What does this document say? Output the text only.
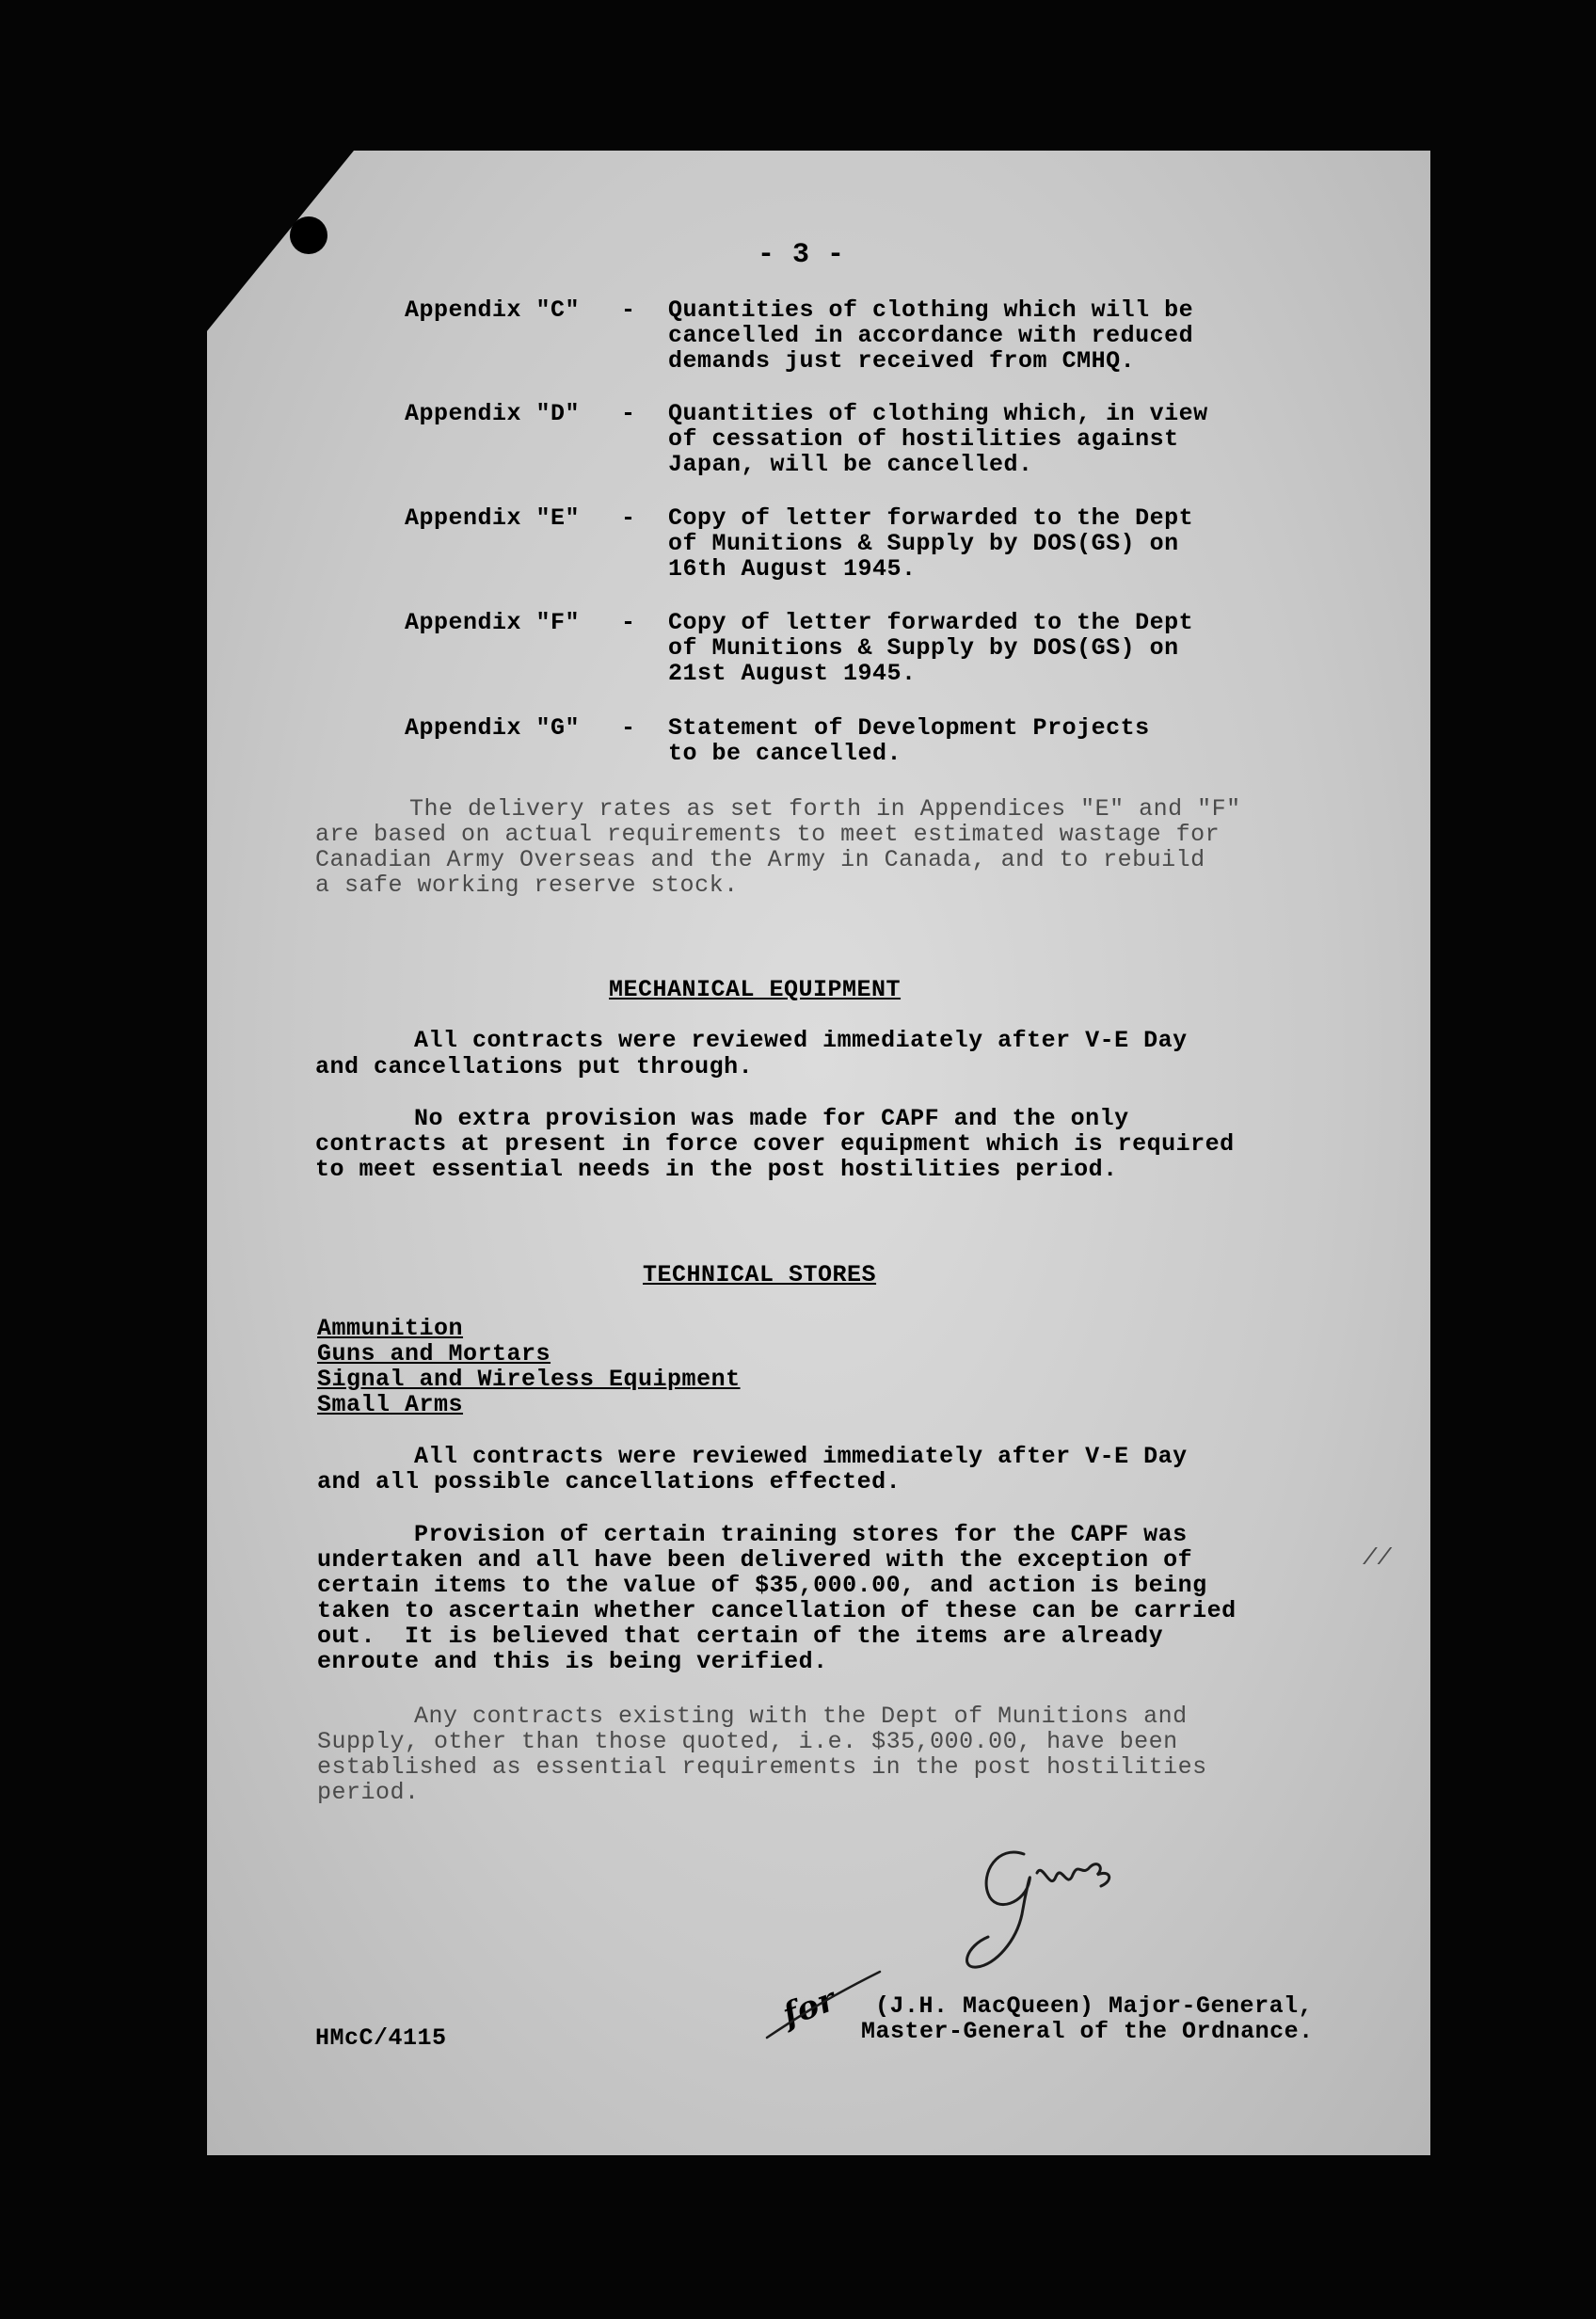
- 3 -
Appendix "C" - Quantities of clothing which will be
cancelled in accordance with reduced
demands just received from CMHQ.
Appendix "D" - Quantities of clothing which, in view
of cessation of hostilities against
Japan, will be cancelled.
Appendix "E" - Copy of letter forwarded to the Dept
of Munitions & Supply by DOS(GS) on
16th August 1945.
Appendix "F" - Copy of letter forwarded to the Dept
of Munitions & Supply by DOS(GS) on
21st August 1945.
Appendix "G" - Statement of Development Projects
to be cancelled.
The delivery rates as set forth in Appendices "E" and "F"
are based on actual requirements to meet estimated wastage for
Canadian Army Overseas and the Army in Canada, and to rebuild
a safe working reserve stock.
MECHANICAL EQUIPMENT
All contracts were reviewed immediately after V-E Day
and cancellations put through.
No extra provision was made for CAPF and the only
contracts at present in force cover equipment which is required
to meet essential needs in the post hostilities period.
TECHNICAL STORES
Ammunition
Guns and Mortars
Signal and Wireless Equipment
Small Arms
All contracts were reviewed immediately after V-E Day
and all possible cancellations effected.
Provision of certain training stores for the CAPF was
undertaken and all have been delivered with the exception of
certain items to the value of $35,000.00, and action is being
taken to ascertain whether cancellation of these can be carried
out.  It is believed that certain of the items are already
enroute and this is being verified.
Any contracts existing with the Dept of Munitions and
Supply, other than those quoted, i.e. $35,000.00, have been
established as essential requirements in the post hostilities
period.
//
for (J.H. MacQueen) Major-General,
Master-General of the Ordnance.
HMcC/4115
